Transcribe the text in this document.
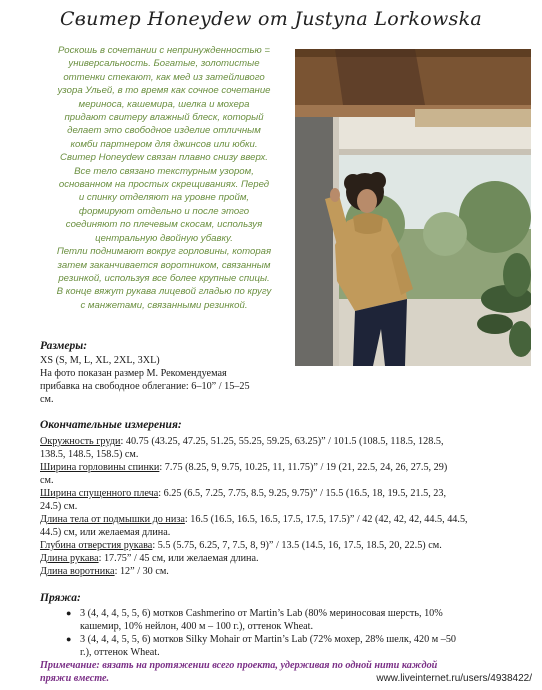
Свитер Honeydew от Justyna Lorkowska
Роскошь в сочетании с непринужденностью =
универсальность. Богатые, золотистые
оттенки стекают, как мед из затейливого
узора Ульей, в то время как сочное сочетание
мериноса, кашемира, шелка и мохера
придают свитеру влажный блеск, который
делает это свободное изделие отличным
комби партнером для джинсов или юбки.
Свитер Honeydew связан плавно снизу вверх.
Все тело связано текстурным узором,
основанном на простых скрещиваниях. Перед
и спинку отделяют на уровне пройм,
формируют отдельно и после этого
соединяют по плечевым скосам, используя
центральную двойную убавку.
Петли поднимают вокруг горловины, которая
затем заканчивается воротником, связанным
резинкой, используя все более крупные спицы.
В конце вяжут рукава лицевой гладью по кругу
с манжетами, связанными резинкой.
Размеры:
XS (S, M, L, XL, 2XL, 3XL)
На фото показан размер М. Рекомендуемая
прибавка на свободное облегание: 6–10” / 15–25
см.
Окончательные измерения:
Окружность груди: 40.75 (43.25, 47.25, 51.25, 55.25, 59.25, 63.25)” / 101.5 (108.5, 118.5, 128.5,
138.5, 148.5, 158.5) см.
Ширина горловины спинки: 7.75 (8.25, 9, 9.75, 10.25, 11, 11.75)” / 19 (21, 22.5, 24, 26, 27.5, 29)
см.
Ширина спущенного плеча: 6.25 (6.5, 7.25, 7.75, 8.5, 9.25, 9.75)” / 15.5 (16.5, 18, 19.5, 21.5, 23,
24.5) см.
Длина тела от подмышки до низа: 16.5 (16.5, 16.5, 16.5, 17.5, 17.5, 17.5)” / 42 (42, 42, 42, 44.5, 44.5,
44.5) см, или желаемая длина.
Глубина отверстия рукава: 5.5 (5.75, 6.25, 7, 7.5, 8, 9)” / 13.5 (14.5, 16, 17.5, 18.5, 20, 22.5) см.
Длина рукава: 17.75” / 45 см, или желаемая длина.
Длина воротника: 12” / 30 см.
Пряжа:
● 3 (4, 4, 4, 5, 5, 6) мотков Cashmerino от Martin’s Lab (80% мериносовая шерсть, 10%
кашемир, 10% нейлон, 400 м – 100 г.), оттенок Wheat.
● 3 (4, 4, 4, 5, 5, 6) мотков Silky Mohair от Martin’s Lab (72% мохер, 28% шелк, 420 м –50
г.), оттенок Wheat.
Примечание: вязать на протяжении всего проекта, удерживая по одной нити каждой
пряжи вместе.	www.liveinternet.ru/users/4938422/
